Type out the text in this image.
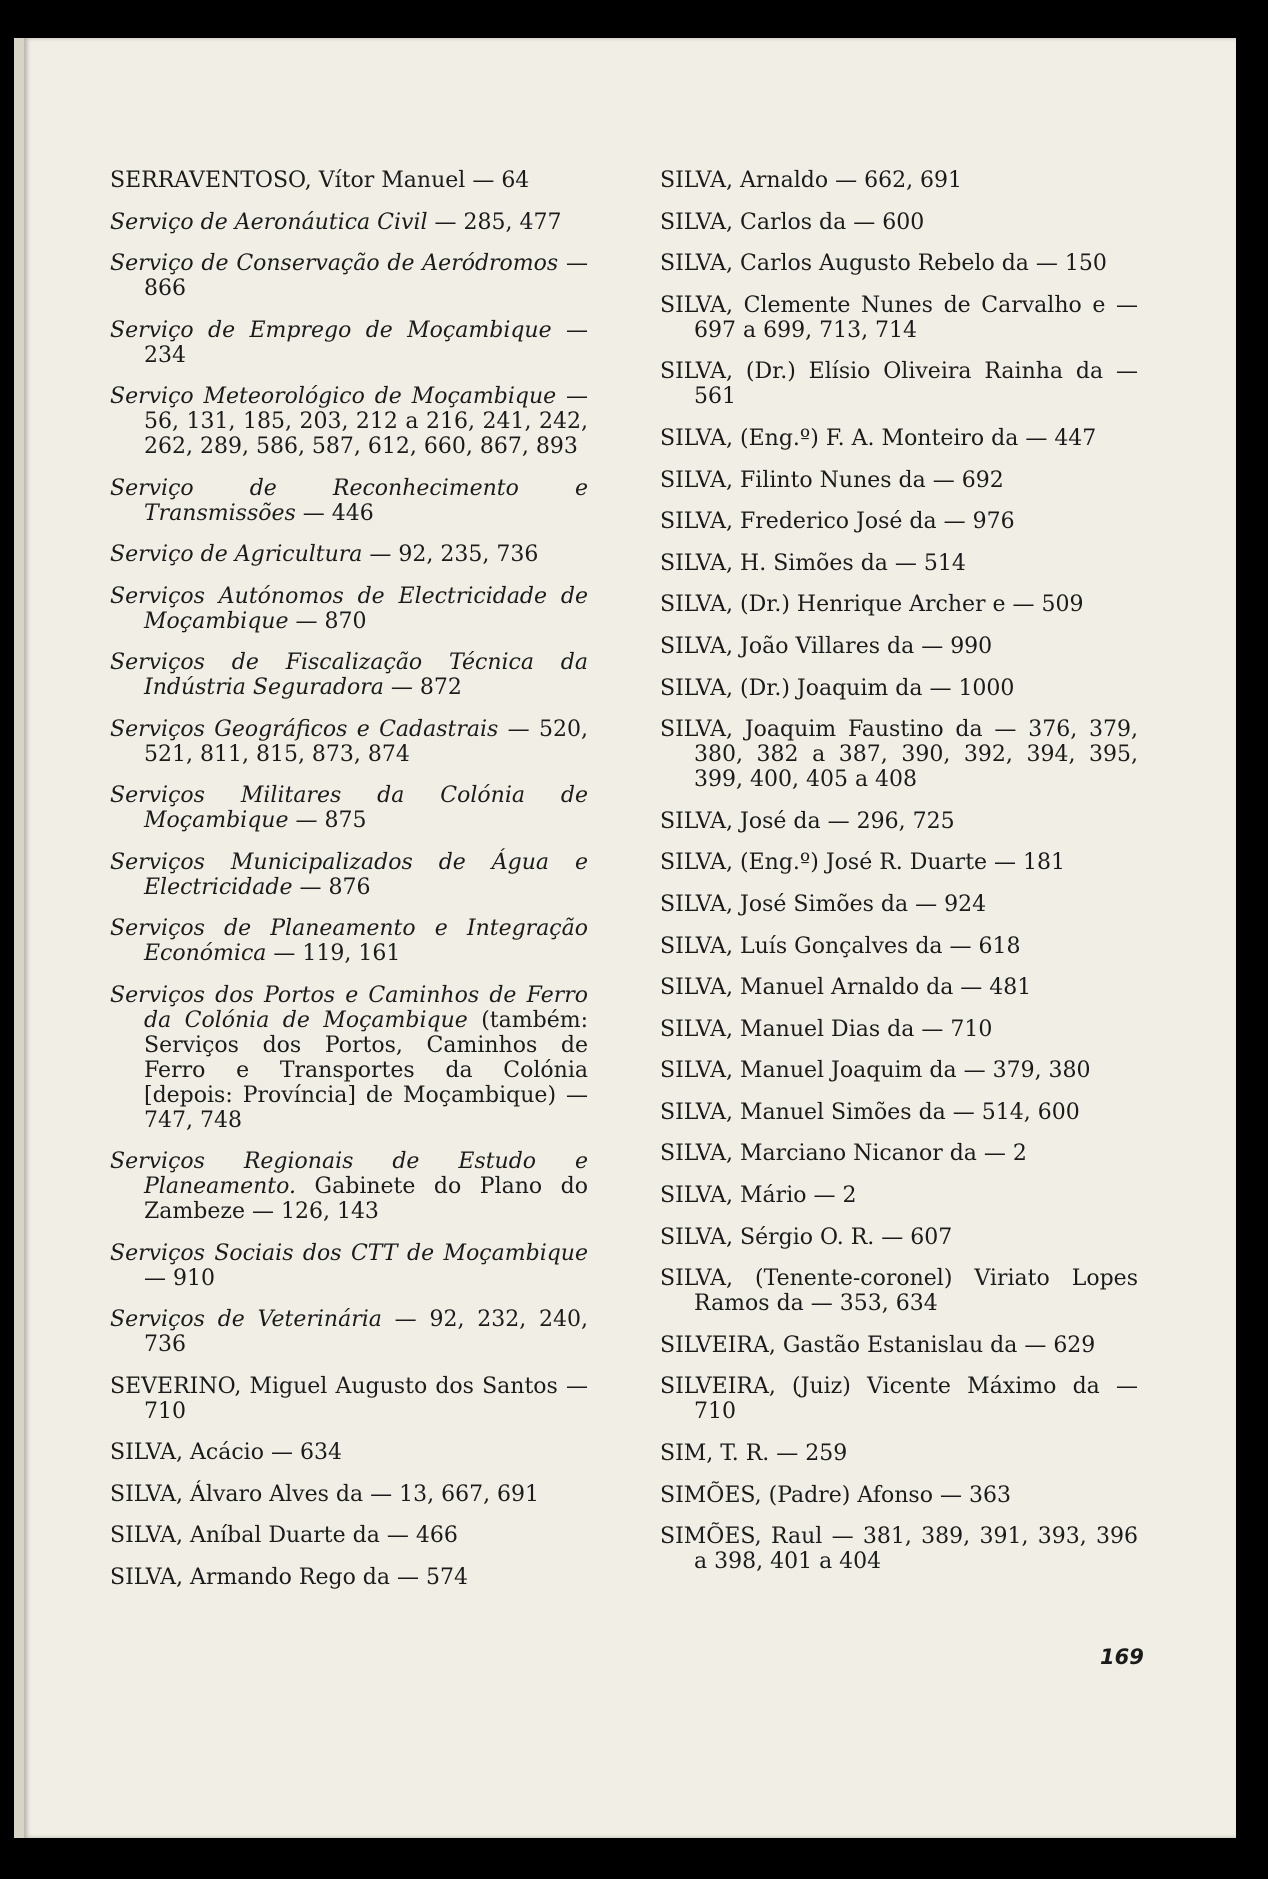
SERRAVENTOSO, Vítor Manuel — 64

Serviço de Aeronáutica Civil — 285, 477

Serviço de Conservação de Aeródromos — 866

Serviço de Emprego de Moçambique — 234

Serviço Meteorológico de Moçambique — 56, 131, 185, 203, 212 a 216, 241, 242, 262, 289, 586, 587, 612, 660, 867, 893

Serviço de Reconhecimento e Transmissões — 446

Serviço de Agricultura — 92, 235, 736

Serviços Autónomos de Electricidade de Moçambique — 870

Serviços de Fiscalização Técnica da Indústria Seguradora — 872

Serviços Geográficos e Cadastrais — 520, 521, 811, 815, 873, 874

Serviços Militares da Colónia de Moçambique — 875

Serviços Municipalizados de Água e Electricidade — 876

Serviços de Planeamento e Integração Económica — 119, 161

Serviços dos Portos e Caminhos de Ferro da Colónia de Moçambique (também: Serviços dos Portos, Caminhos de Ferro e Transportes da Colónia [depois: Província] de Moçambique) — 747, 748

Serviços Regionais de Estudo e Planeamento. Gabinete do Plano do Zambeze — 126, 143

Serviços Sociais dos CTT de Moçambique — 910

Serviços de Veterinária — 92, 232, 240, 736

SEVERINO, Miguel Augusto dos Santos — 710

SILVA, Acácio — 634

SILVA, Álvaro Alves da — 13, 667, 691

SILVA, Aníbal Duarte da — 466

SILVA, Armando Rego da — 574

SILVA, Arnaldo — 662, 691

SILVA, Carlos da — 600

SILVA, Carlos Augusto Rebelo da — 150

SILVA, Clemente Nunes de Carvalho e — 697 a 699, 713, 714

SILVA, (Dr.) Elísio Oliveira Rainha da — 561

SILVA, (Eng.º) F. A. Monteiro da — 447

SILVA, Filinto Nunes da — 692

SILVA, Frederico José da — 976

SILVA, H. Simões da — 514

SILVA, (Dr.) Henrique Archer e — 509

SILVA, João Villares da — 990

SILVA, (Dr.) Joaquim da — 1000

SILVA, Joaquim Faustino da — 376, 379, 380, 382 a 387, 390, 392, 394, 395, 399, 400, 405 a 408

SILVA, José da — 296, 725

SILVA, (Eng.º) José R. Duarte — 181

SILVA, José Simões da — 924

SILVA, Luís Gonçalves da — 618

SILVA, Manuel Arnaldo da — 481

SILVA, Manuel Dias da — 710

SILVA, Manuel Joaquim da — 379, 380

SILVA, Manuel Simões da — 514, 600

SILVA, Marciano Nicanor da — 2

SILVA, Mário — 2

SILVA, Sérgio O. R. — 607

SILVA, (Tenente-coronel) Viriato Lopes Ramos da — 353, 634

SILVEIRA, Gastão Estanislau da — 629

SILVEIRA, (Juiz) Vicente Máximo da — 710

SIM, T. R. — 259

SIMÕES, (Padre) Afonso — 363

SIMÕES, Raul — 381, 389, 391, 393, 396 a 398, 401 a 404

169
